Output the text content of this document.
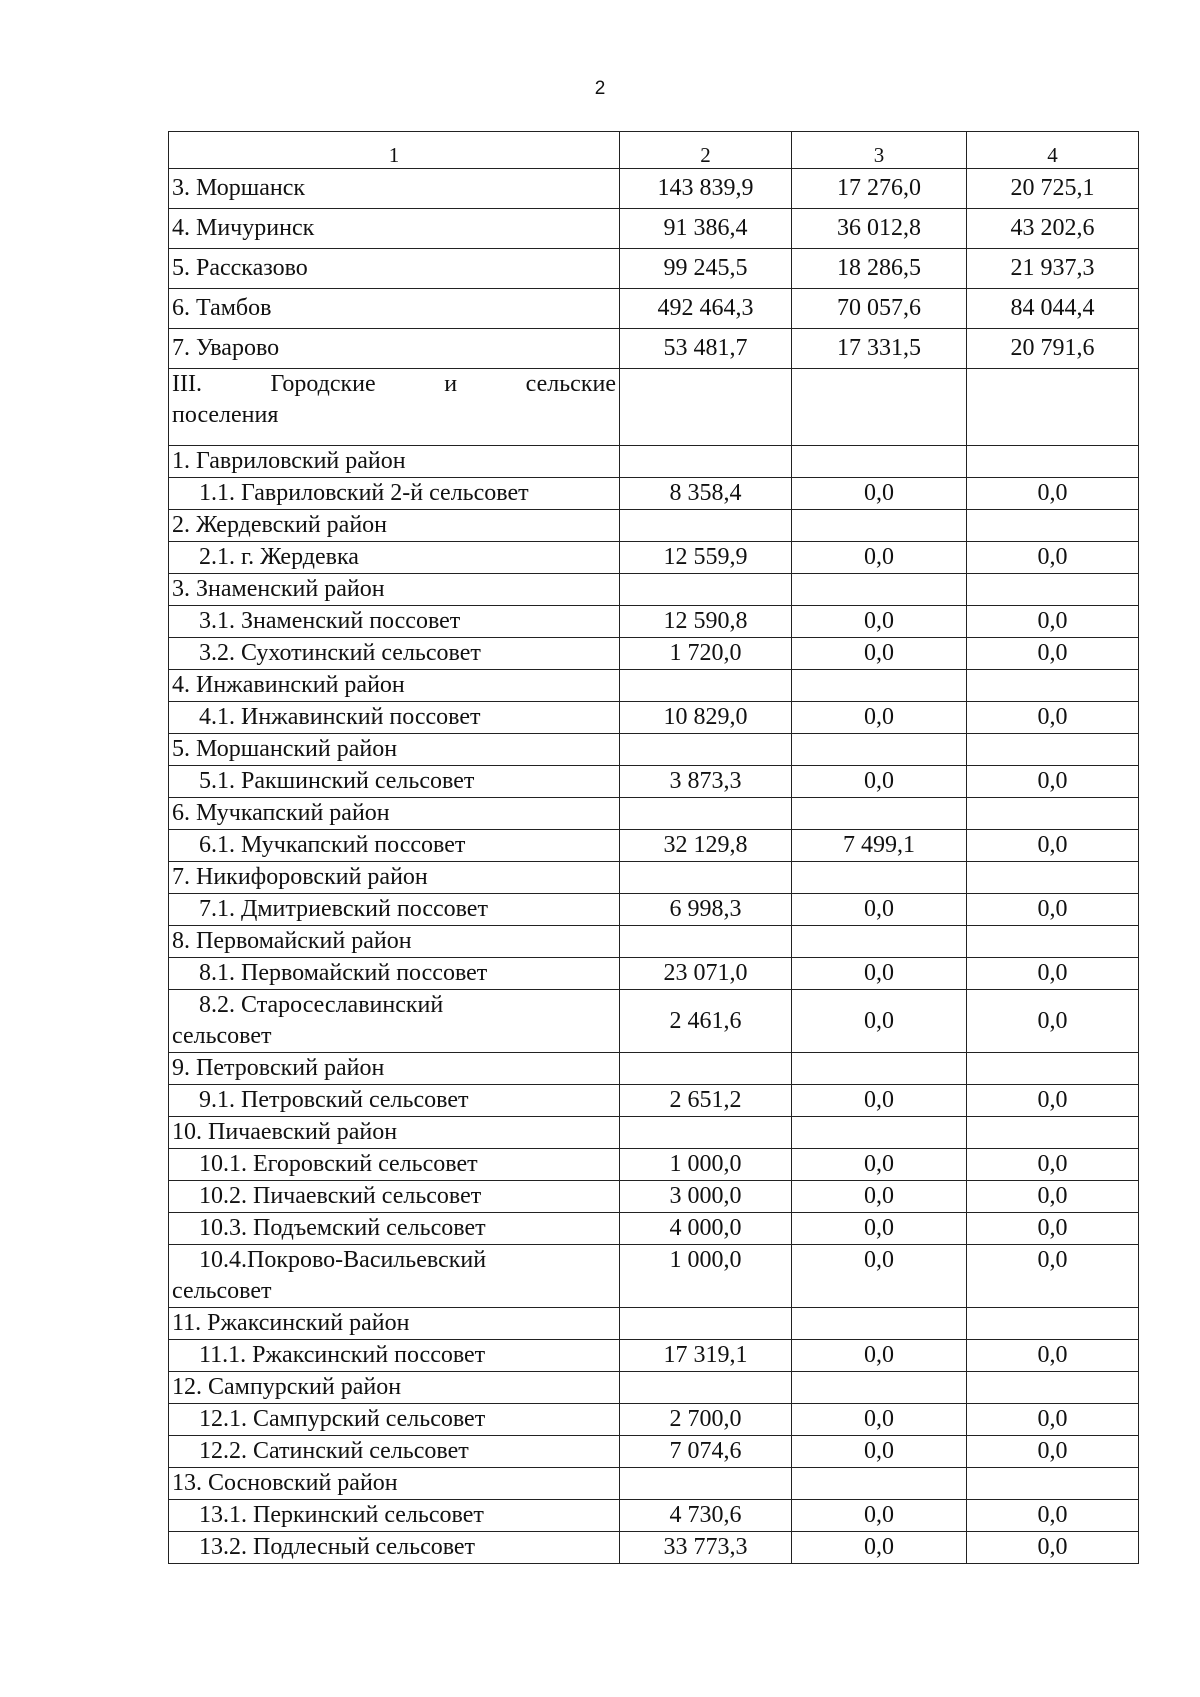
2
1	2	3	4
3. Моршанск	143 839,9	17 276,0	20 725,1
4. Мичуринск	91 386,4	36 012,8	43 202,6
5. Рассказово	99 245,5	18 286,5	21 937,3
6. Тамбов	492 464,3	70 057,6	84 044,4
7. Уварово	53 481,7	17 331,5	20 791,6

III. Городские и сельские
поселения			
1. Гавриловский район			
1.1. Гавриловский 2-й сельсовет	8 358,4	0,0	0,0
2. Жердевский район			
2.1. г. Жердевка	12 559,9	0,0	0,0
3. Знаменский район			
3.1. Знаменский поссовет	12 590,8	0,0	0,0
3.2. Сухотинский сельсовет	1 720,0	0,0	0,0
4. Инжавинский район			
4.1. Инжавинский поссовет	10 829,0	0,0	0,0
5. Моршанский район			
5.1. Ракшинский сельсовет	3 873,3	0,0	0,0
6. Мучкапский район			
6.1. Мучкапский поссовет	32 129,8	7 499,1	0,0
7. Никифоровский район			
7.1. Дмитриевский поссовет	6 998,3	0,0	0,0
8. Первомайский район			
8.1. Первомайский поссовет	23 071,0	0,0	0,0

8.2. Старосеславинский
сельсовет	2 461,6	0,0	0,0
9. Петровский район			
9.1. Петровский сельсовет	2 651,2	0,0	0,0
10. Пичаевский район			
10.1. Егоровский сельсовет	1 000,0	0,0	0,0
10.2. Пичаевский сельсовет	3 000,0	0,0	0,0
10.3. Подъемский сельсовет	4 000,0	0,0	0,0

10.4.Покрово-Васильевский
сельсовет	1 000,0	0,0	0,0
11. Ржаксинский район			
11.1. Ржаксинский поссовет	17 319,1	0,0	0,0
12. Сампурский район			
12.1. Сампурский сельсовет	2 700,0	0,0	0,0
12.2. Сатинский сельсовет	7 074,6	0,0	0,0
13. Сосновский район			
13.1. Перкинский сельсовет	4 730,6	0,0	0,0
13.2. Подлесный сельсовет	33 773,3	0,0	0,0
